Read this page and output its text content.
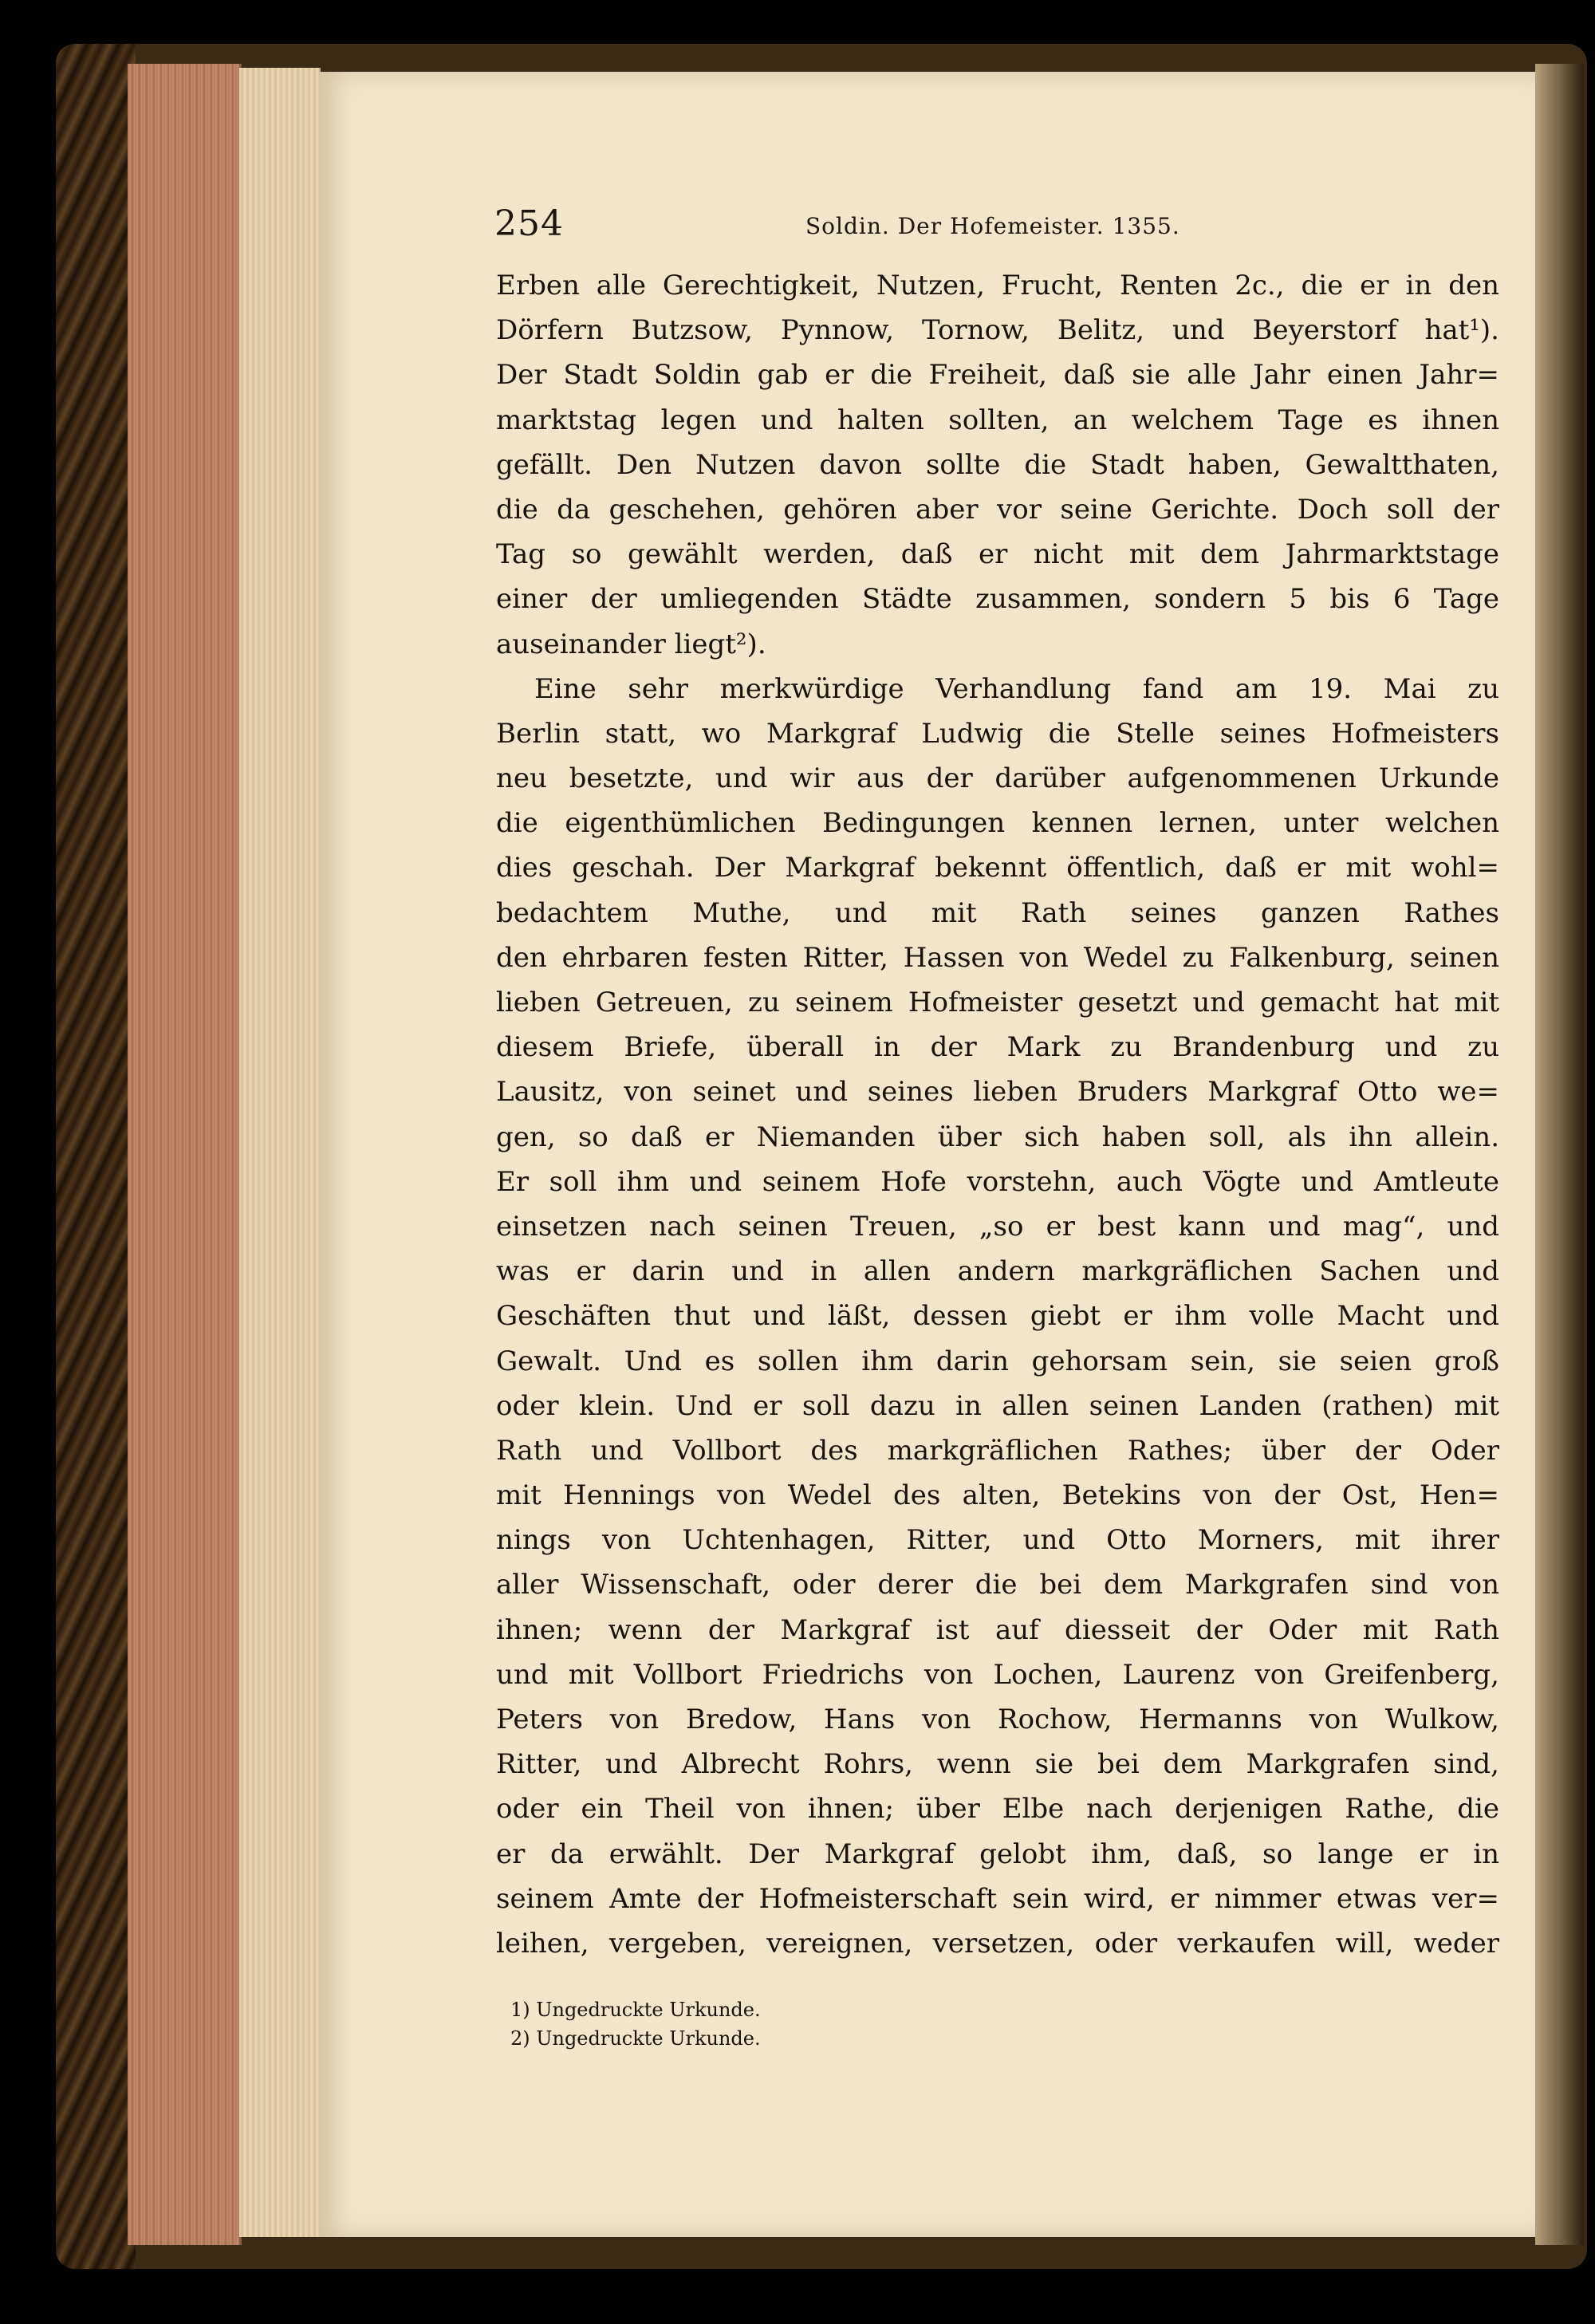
254	Soldin. Der Hofemeister. 1355.
Erben alle Gerechtigkeit, Nutzen, Frucht, Renten 2c., die er in den
Dörfern Butzsow, Pynnow, Tornow, Belitz, und Beyerstorf hat¹).
Der Stadt Soldin gab er die Freiheit, daß sie alle Jahr einen Jahr=
marktstag legen und halten sollten, an welchem Tage es ihnen
gefällt. Den Nutzen davon sollte die Stadt haben, Gewaltthaten,
die da geschehen, gehören aber vor seine Gerichte. Doch soll der
Tag so gewählt werden, daß er nicht mit dem Jahrmarktstage
einer der umliegenden Städte zusammen, sondern 5 bis 6 Tage
auseinander liegt²).
Eine sehr merkwürdige Verhandlung fand am 19. Mai zu
Berlin statt, wo Markgraf Ludwig die Stelle seines Hofmeisters
neu besetzte, und wir aus der darüber aufgenommenen Urkunde
die eigenthümlichen Bedingungen kennen lernen, unter welchen
dies geschah. Der Markgraf bekennt öffentlich, daß er mit wohl=
bedachtem Muthe, und mit Rath seines ganzen Rathes
den ehrbaren festen Ritter, Hassen von Wedel zu Falkenburg, seinen
lieben Getreuen, zu seinem Hofmeister gesetzt und gemacht hat mit
diesem Briefe, überall in der Mark zu Brandenburg und zu
Lausitz, von seinet und seines lieben Bruders Markgraf Otto we=
gen, so daß er Niemanden über sich haben soll, als ihn allein.
Er soll ihm und seinem Hofe vorstehn, auch Vögte und Amtleute
einsetzen nach seinen Treuen, „so er best kann und mag“, und
was er darin und in allen andern markgräflichen Sachen und
Geschäften thut und läßt, dessen giebt er ihm volle Macht und
Gewalt. Und es sollen ihm darin gehorsam sein, sie seien groß
oder klein. Und er soll dazu in allen seinen Landen (rathen) mit
Rath und Vollbort des markgräflichen Rathes; über der Oder
mit Hennings von Wedel des alten, Betekins von der Ost, Hen=
nings von Uchtenhagen, Ritter, und Otto Morners, mit ihrer
aller Wissenschaft, oder derer die bei dem Markgrafen sind von
ihnen; wenn der Markgraf ist auf diesseit der Oder mit Rath
und mit Vollbort Friedrichs von Lochen, Laurenz von Greifenberg,
Peters von Bredow, Hans von Rochow, Hermanns von Wulkow,
Ritter, und Albrecht Rohrs, wenn sie bei dem Markgrafen sind,
oder ein Theil von ihnen; über Elbe nach derjenigen Rathe, die
er da erwählt. Der Markgraf gelobt ihm, daß, so lange er in
seinem Amte der Hofmeisterschaft sein wird, er nimmer etwas ver=
leihen, vergeben, vereignen, versetzen, oder verkaufen will, weder
1) Ungedruckte Urkunde.
2) Ungedruckte Urkunde.
